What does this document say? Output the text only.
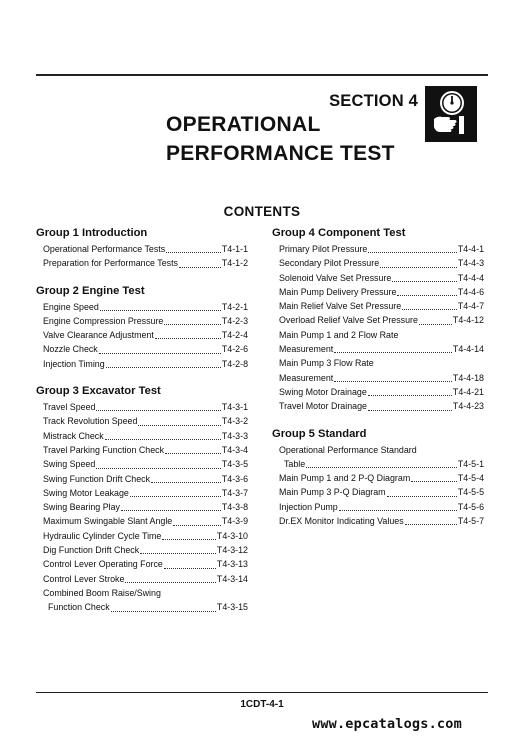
SECTION 4
OPERATIONAL
PERFORMANCE TEST
CONTENTS
Group 1 Introduction
Operational Performance Tests	T4-1-1
Preparation for Performance Tests	T4-1-2
Group 2 Engine Test
Engine Speed	T4-2-1
Engine Compression Pressure	T4-2-3
Valve Clearance Adjustment	T4-2-4
Nozzle Check	T4-2-6
Injection Timing	T4-2-8
Group 3 Excavator Test
Travel Speed	T4-3-1
Track Revolution Speed	T4-3-2
Mistrack Check	T4-3-3
Travel Parking Function Check	T4-3-4
Swing Speed	T4-3-5
Swing Function Drift Check	T4-3-6
Swing Motor Leakage	T4-3-7
Swing Bearing Play	T4-3-8
Maximum Swingable Slant Angle	T4-3-9
Hydraulic Cylinder Cycle Time	T4-3-10
Dig Function Drift Check	T4-3-12
Control Lever Operating Force	T4-3-13
Control Lever Stroke	T4-3-14
Combined Boom Raise/Swing
Function Check	T4-3-15
Group 4 Component Test
Primary Pilot Pressure	T4-4-1
Secondary Pilot Pressure	T4-4-3
Solenoid Valve Set Pressure	T4-4-4
Main Pump Delivery Pressure	T4-4-6
Main Relief Valve Set Pressure	T4-4-7
Overload Relief Valve Set Pressure	T4-4-12
Main Pump 1 and 2 Flow Rate
Measurement	T4-4-14
Main Pump 3 Flow Rate
Measurement	T4-4-18
Swing Motor Drainage	T4-4-21
Travel Motor Drainage	T4-4-23
Group 5 Standard
Operational Performance Standard
Table	T4-5-1
Main Pump 1 and 2 P-Q Diagram	T4-5-4
Main Pump 3 P-Q Diagram	T4-5-5
Injection Pump	T4-5-6
Dr.EX Monitor Indicating Values	T4-5-7
1CDT-4-1
www.epcatalogs.com
